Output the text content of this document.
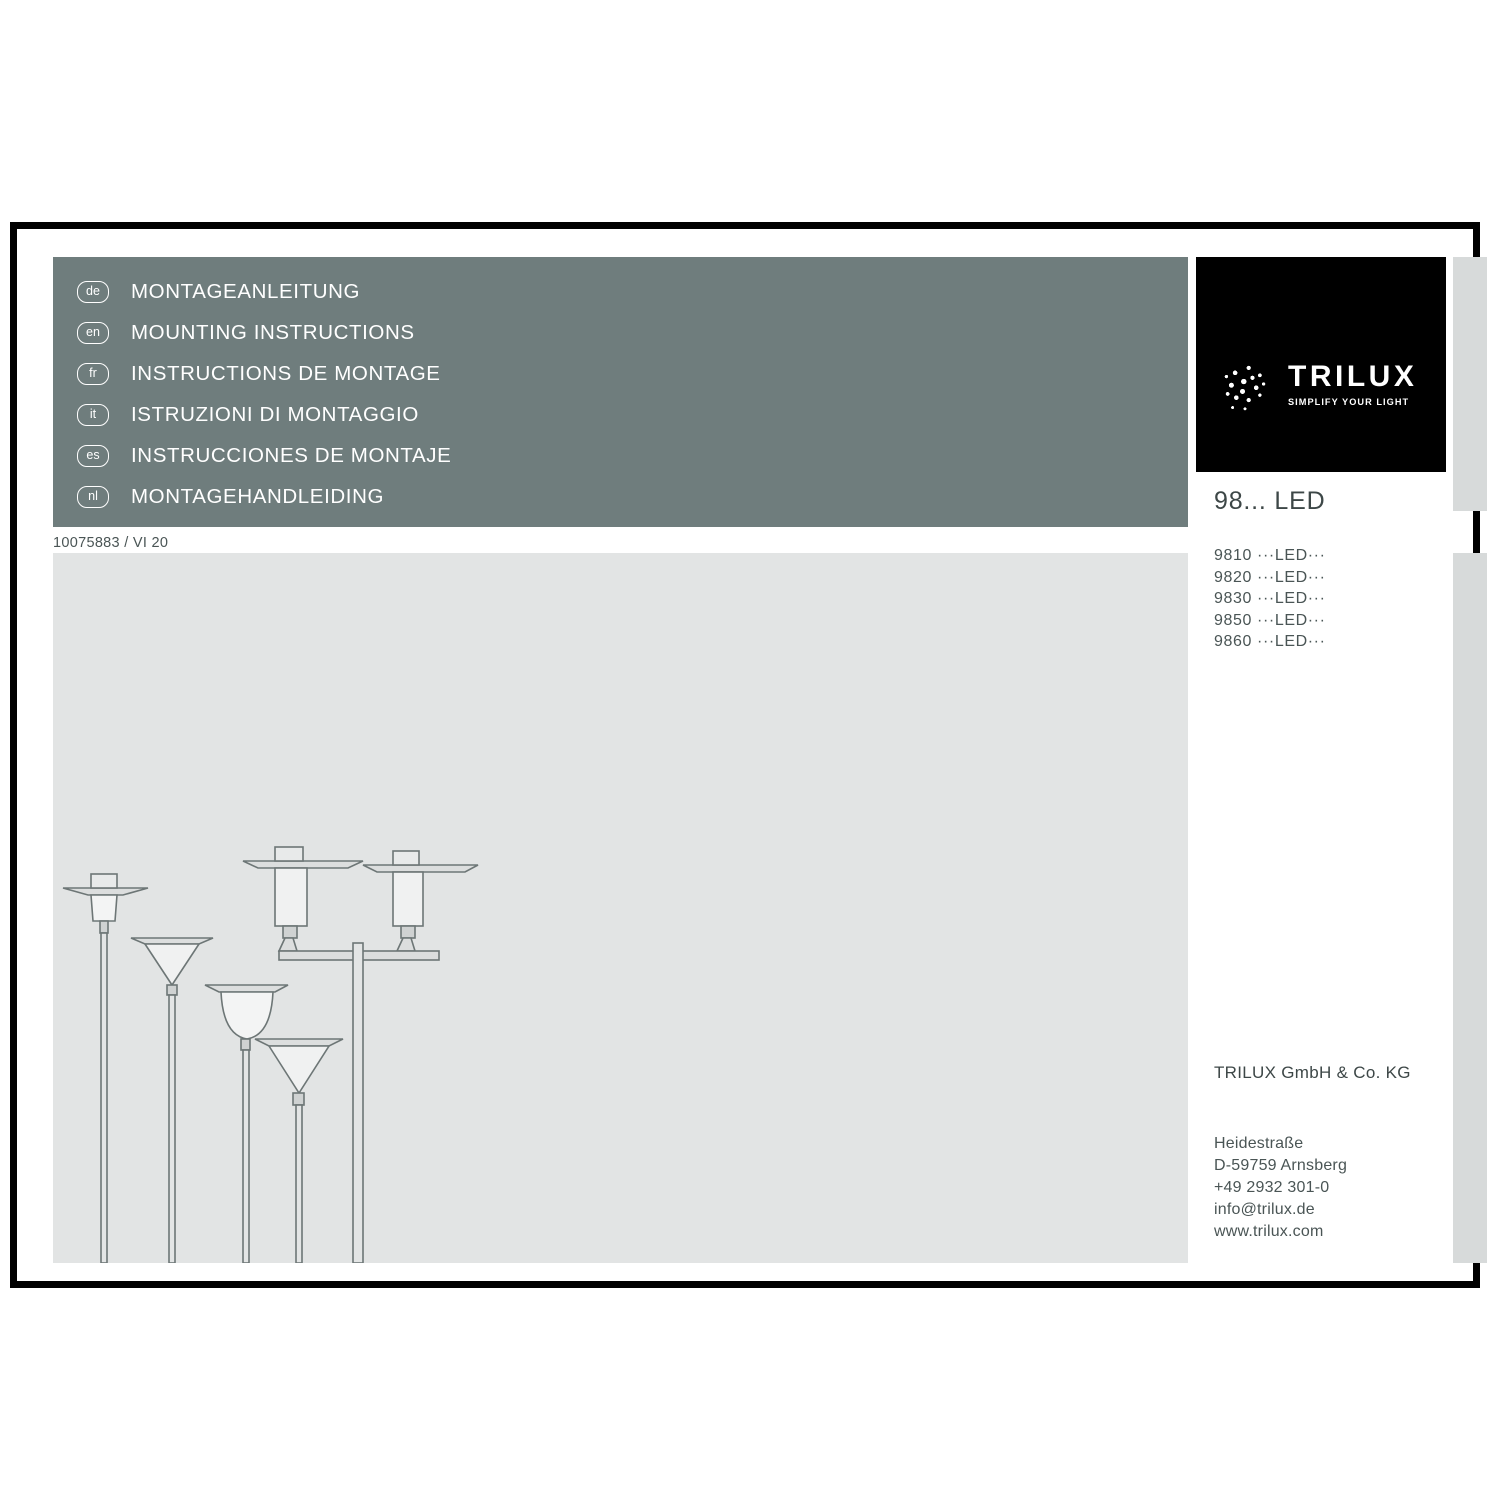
de	MONTAGEANLEITUNG
en	MOUNTING INSTRUCTIONS
fr	INSTRUCTIONS DE MONTAGE
it	ISTRUZIONI DI MONTAGGIO
es	INSTRUCCIONES DE MONTAJE
nl	MONTAGEHANDLEIDING
10075883 / VI 20
TRILUX
SIMPLIFY YOUR LIGHT
98... LED
9810 ···LED···
9820 ···LED···
9830 ···LED···
9850 ···LED···
9860 ···LED···
TRILUX GmbH & Co. KG
Heidestraße
D-59759 Arnsberg
+49 2932 301-0
info@trilux.de
www.trilux.com
